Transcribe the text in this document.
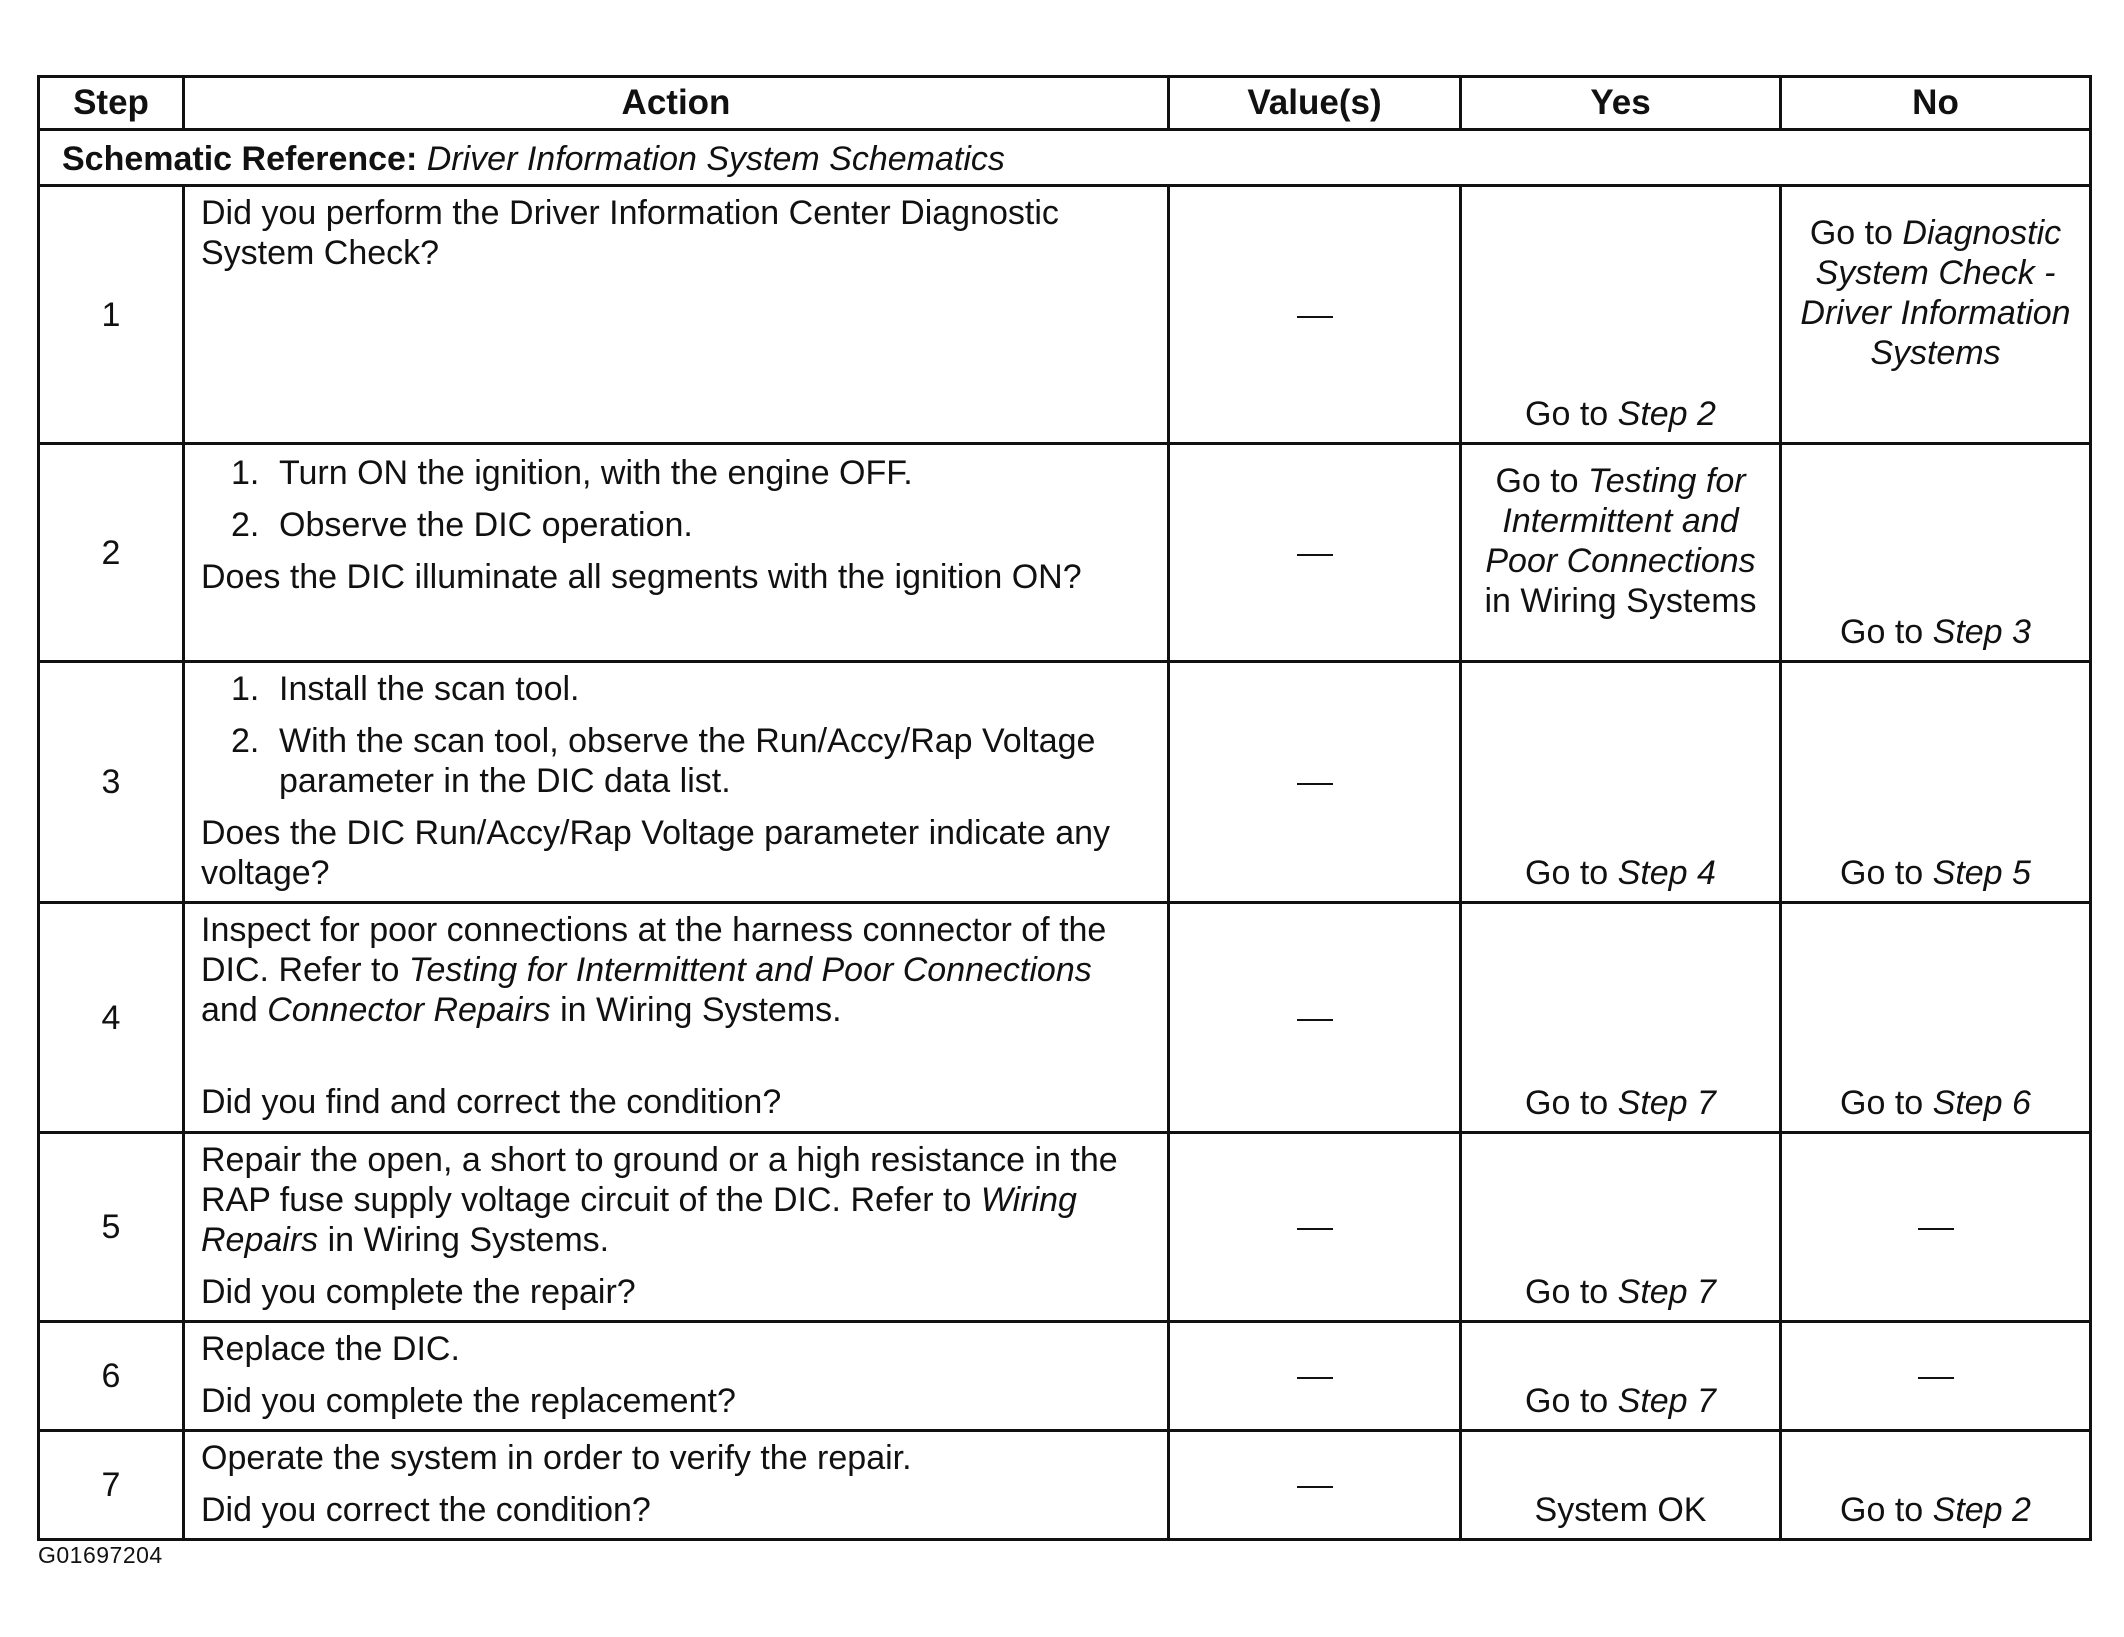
Step	Action	Value(s)	Yes	No
Schematic Reference: Driver Information System Schematics				
1	Did you perform the Driver Information Center Diagnostic System Check?		Go to Step 2	Go to Diagnostic System Check - Driver Information Systems
2	1. Turn ON the ignition, with the engine OFF.
2. Observe the DIC operation.
Does the DIC illuminate all segments with the ignition ON?		Go to Testing for Intermittent and Poor Connections in Wiring Systems	Go to Step 3
3	1. Install the scan tool.
2. With the scan tool, observe the Run/Accy/Rap Voltage parameter in the DIC data list.
Does the DIC Run/Accy/Rap Voltage parameter indicate any voltage?		Go to Step 4	Go to Step 5
4	Inspect for poor connections at the harness connector of the DIC. Refer to Testing for Intermittent and Poor Connections and Connector Repairs in Wiring Systems.
Did you find and correct the condition?		Go to Step 7	Go to Step 6
5	Repair the open, a short to ground or a high resistance in the RAP fuse supply voltage circuit of the DIC. Refer to Wiring Repairs in Wiring Systems.
Did you complete the repair?		Go to Step 7	
6	Replace the DIC.
Did you complete the replacement?		Go to Step 7	
7	Operate the system in order to verify the repair.
Did you correct the condition?		System OK	Go to Step 2
G01697204
